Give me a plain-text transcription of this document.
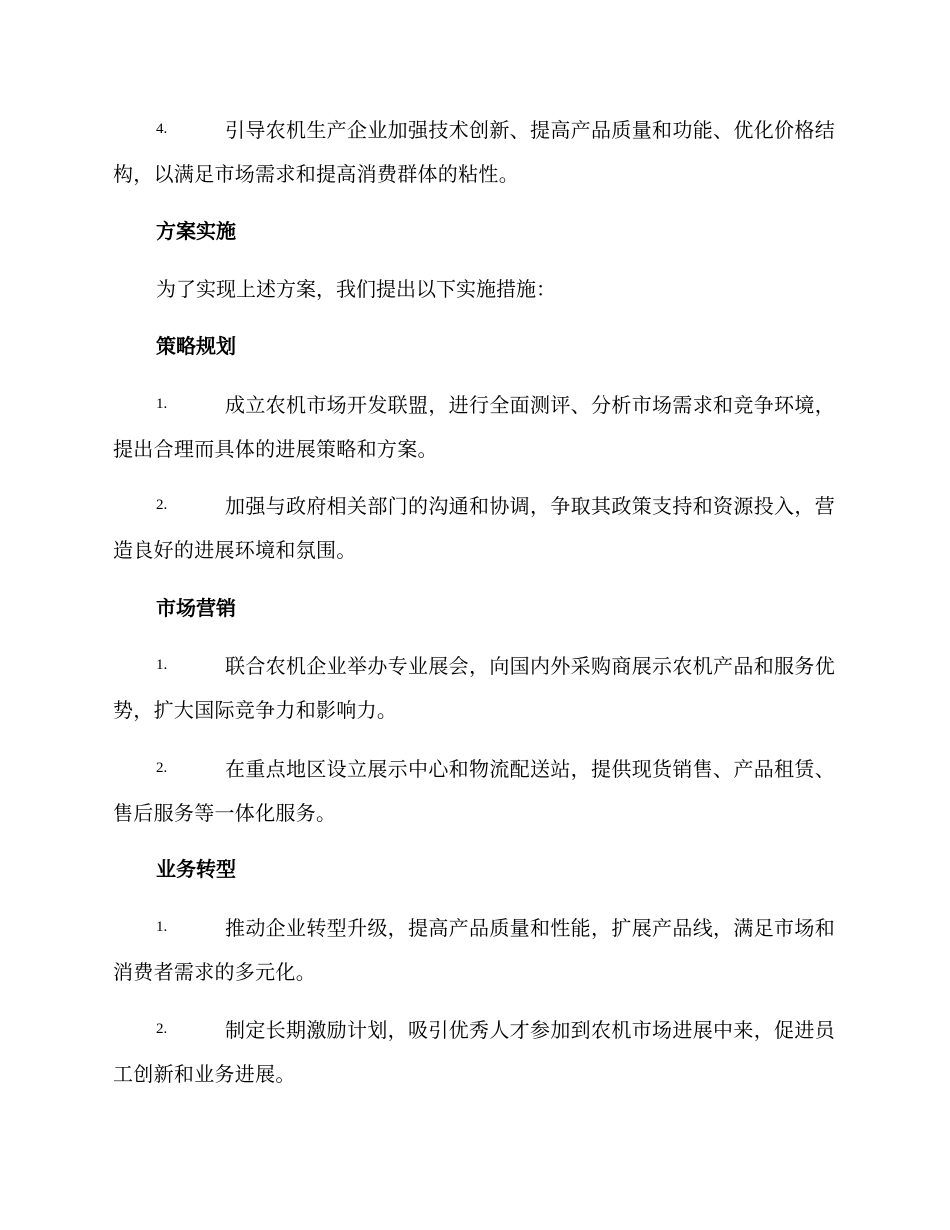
4.	引导农机生产企业加强技术创新、提高产品质量和功能、优化价格结构，以满足市场需求和提高消费群体的粘性。
方案实施
为了实现上述方案，我们提出以下实施措施：
策略规划
1.	成立农机市场开发联盟，进行全面测评、分析市场需求和竞争环境，提出合理而具体的进展策略和方案。
2.	加强与政府相关部门的沟通和协调，争取其政策支持和资源投入，营造良好的进展环境和氛围。
市场营销
1.	联合农机企业举办专业展会，向国内外采购商展示农机产品和服务优势，扩大国际竞争力和影响力。
2.	在重点地区设立展示中心和物流配送站，提供现货销售、产品租赁、售后服务等一体化服务。
业务转型
1.	推动企业转型升级，提高产品质量和性能，扩展产品线，满足市场和消费者需求的多元化。
2.	制定长期激励计划，吸引优秀人才参加到农机市场进展中来，促进员工创新和业务进展。
